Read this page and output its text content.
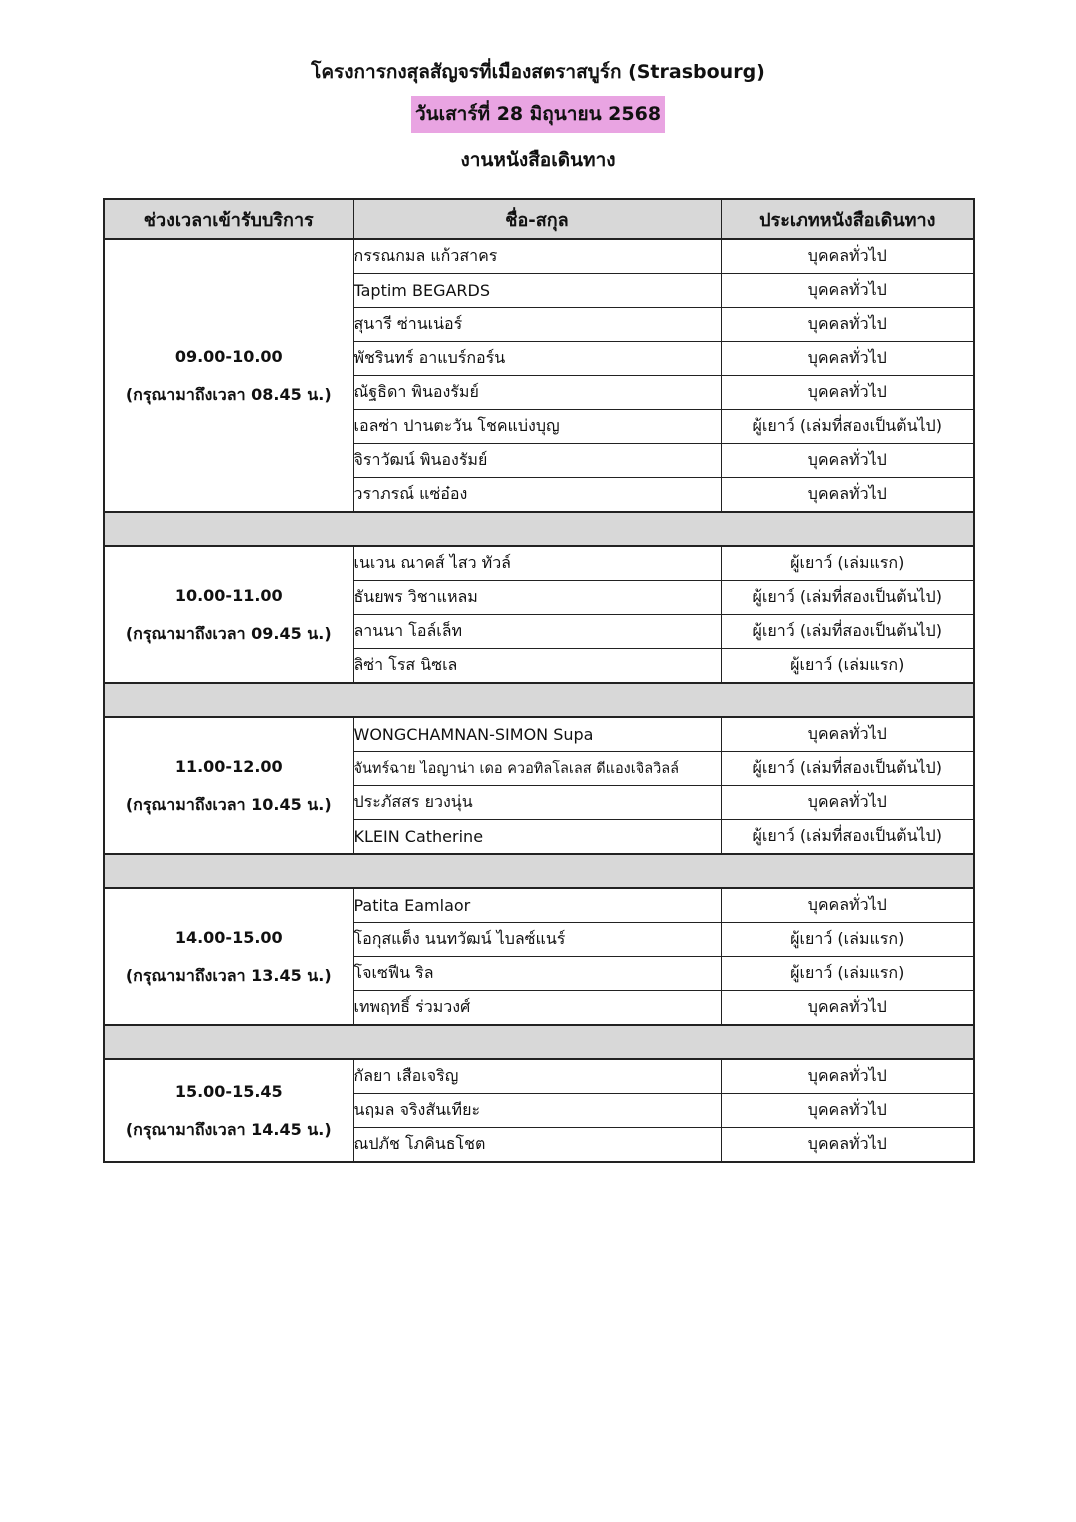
โครงการกงสุลสัญจรที่เมืองสตราสบูร์ก (Strasbourg)
วันเสาร์ที่ 28 มิถุนายน 2568
งานหนังสือเดินทาง
ช่วงเวลาเข้ารับบริการ	ชื่อ-สกุล	ประเภทหนังสือเดินทาง

09.00-10.00
(กรุณามาถึงเวลา 08.45 น.)	กรรณกมล แก้วสาคร	บุคคลทั่วไป
	Taptim BEGARDS	บุคคลทั่วไป
	สุนารี ซ่านเน่อร์	บุคคลทั่วไป
	พัชรินทร์ อาแบร์กอร์น	บุคคลทั่วไป
	ณัฐธิดา พินองรัมย์	บุคคลทั่วไป
	เอลซ่า ปานตะวัน โชคแบ่งบุญ	ผู้เยาว์ (เล่มที่สองเป็นต้นไป)
	จิราวัฒน์ พินองรัมย์	บุคคลทั่วไป
	วราภรณ์ แซ่อ๋อง	บุคคลทั่วไป

10.00-11.00
(กรุณามาถึงเวลา 09.45 น.)	เนเวน ณาคส์ ไสว ทัวล์	ผู้เยาว์ (เล่มแรก)
	ธันยพร วิชาแหลม	ผู้เยาว์ (เล่มที่สองเป็นต้นไป)
	ลานนา โอล์เล็ท	ผู้เยาว์ (เล่มที่สองเป็นต้นไป)
	ลิซ่า โรส นิซเล	ผู้เยาว์ (เล่มแรก)

11.00-12.00
(กรุณามาถึงเวลา 10.45 น.)	WONGCHAMNAN-SIMON Supa	บุคคลทั่วไป
	จันทร์ฉาย ไอญาน่า เดอ ควอทิลโลเลส ดีแองเจิลวิลล์	ผู้เยาว์ (เล่มที่สองเป็นต้นไป)
	ประภัสสร ยวงนุ่น	บุคคลทั่วไป
	KLEIN Catherine	ผู้เยาว์ (เล่มที่สองเป็นต้นไป)

14.00-15.00
(กรุณามาถึงเวลา 13.45 น.)	Patita Eamlaor	บุคคลทั่วไป
	โอกุสแต็ง นนทวัฒน์ ไบลซ์แนร์	ผู้เยาว์ (เล่มแรก)
	โจเซฟีน ริล	ผู้เยาว์ (เล่มแรก)
	เทพฤทธิ์ ร่วมวงศ์	บุคคลทั่วไป

15.00-15.45
(กรุณามาถึงเวลา 14.45 น.)	กัลยา เสือเจริญ	บุคคลทั่วไป
	นฤมล จริงสันเทียะ	บุคคลทั่วไป
	ณปภัช โภคินธโชต	บุคคลทั่วไป
